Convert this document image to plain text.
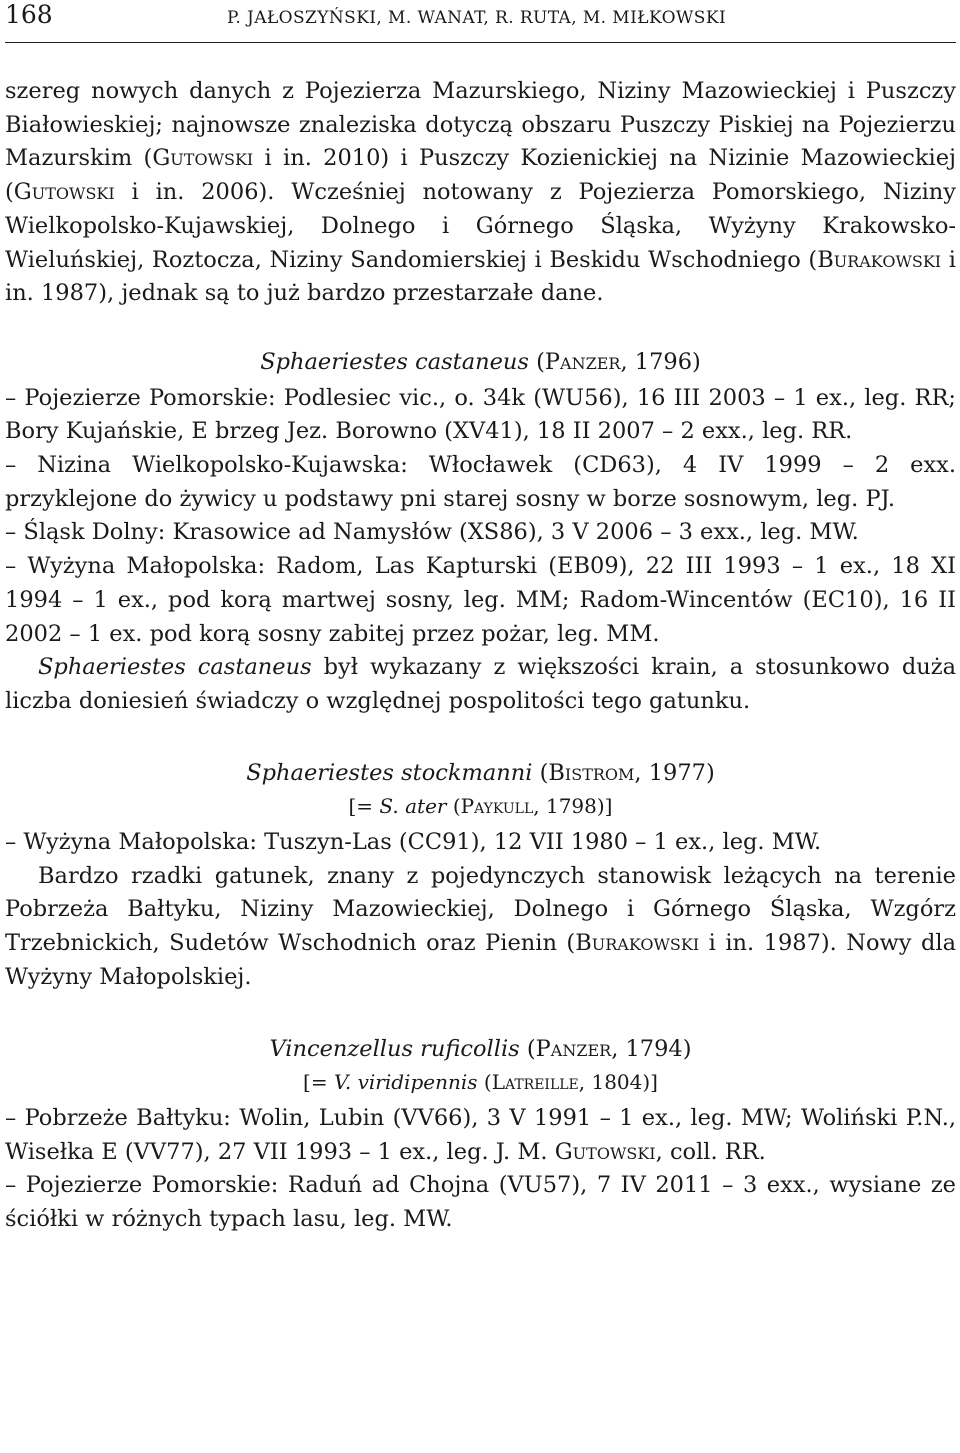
168	P. JAŁOSZYŃSKI, M. WANAT, R. RUTA, M. MIŁKOWSKI

szereg nowych danych z Pojezierza Mazurskiego, Niziny Mazowieckiej i Puszczy Białowieskiej; najnowsze znaleziska dotyczą obszaru Puszczy Piskiej na Pojezierzu Mazurskim (Gutowski i in. 2010) i Puszczy Kozienickiej na Nizinie Mazowieckiej (Gutowski i in. 2006). Wcześniej notowany z Pojezierza Pomorskiego, Niziny Wielkopolsko-Kujawskiej, Dolnego i Górnego Śląska, Wyżyny Krakowsko-Wieluńskiej, Roztocza, Niziny Sandomierskiej i Beskidu Wschodniego (Burakowski i in. 1987), jednak są to już bardzo przestarzałe dane.

Sphaeriestes castaneus (Panzer, 1796)

– Pojezierze Pomorskie: Podlesiec vic., o. 34k (WU56), 16 III 2003 – 1 ex., leg. RR; Bory Kujańskie, E brzeg Jez. Borowno (XV41), 18 II 2007 – 2 exx., leg. RR.

– Nizina Wielkopolsko-Kujawska: Włocławek (CD63), 4 IV 1999 – 2 exx. przyklejone do żywicy u podstawy pni starej sosny w borze sosnowym, leg. PJ.

– Śląsk Dolny: Krasowice ad Namysłów (XS86), 3 V 2006 – 3 exx., leg. MW.

– Wyżyna Małopolska: Radom, Las Kapturski (EB09), 22 III 1993 – 1 ex., 18 XI 1994 – 1 ex., pod korą martwej sosny, leg. MM; Radom-Wincentów (EC10), 16 II 2002 – 1 ex. pod korą sosny zabitej przez pożar, leg. MM.

Sphaeriestes castaneus był wykazany z większości krain, a stosunkowo duża liczba doniesień świadczy o względnej pospolitości tego gatunku.

Sphaeriestes stockmanni (Bistrom, 1977)

[= S. ater (Paykull, 1798)]

– Wyżyna Małopolska: Tuszyn-Las (CC91), 12 VII 1980 – 1 ex., leg. MW.

Bardzo rzadki gatunek, znany z pojedynczych stanowisk leżących na terenie Pobrzeża Bałtyku, Niziny Mazowieckiej, Dolnego i Górnego Śląska, Wzgórz Trzebnickich, Sudetów Wschodnich oraz Pienin (Burakowski i in. 1987). Nowy dla Wyżyny Małopolskiej.

Vincenzellus ruficollis (Panzer, 1794)

[= V. viridipennis (Latreille, 1804)]

– Pobrzeże Bałtyku: Wolin, Lubin (VV66), 3 V 1991 – 1 ex., leg. MW; Woliński P.N., Wisełka E (VV77), 27 VII 1993 – 1 ex., leg. J. M. Gutowski, coll. RR.

– Pojezierze Pomorskie: Raduń ad Chojna (VU57), 7 IV 2011 – 3 exx., wysiane ze ściółki w różnych typach lasu, leg. MW.
